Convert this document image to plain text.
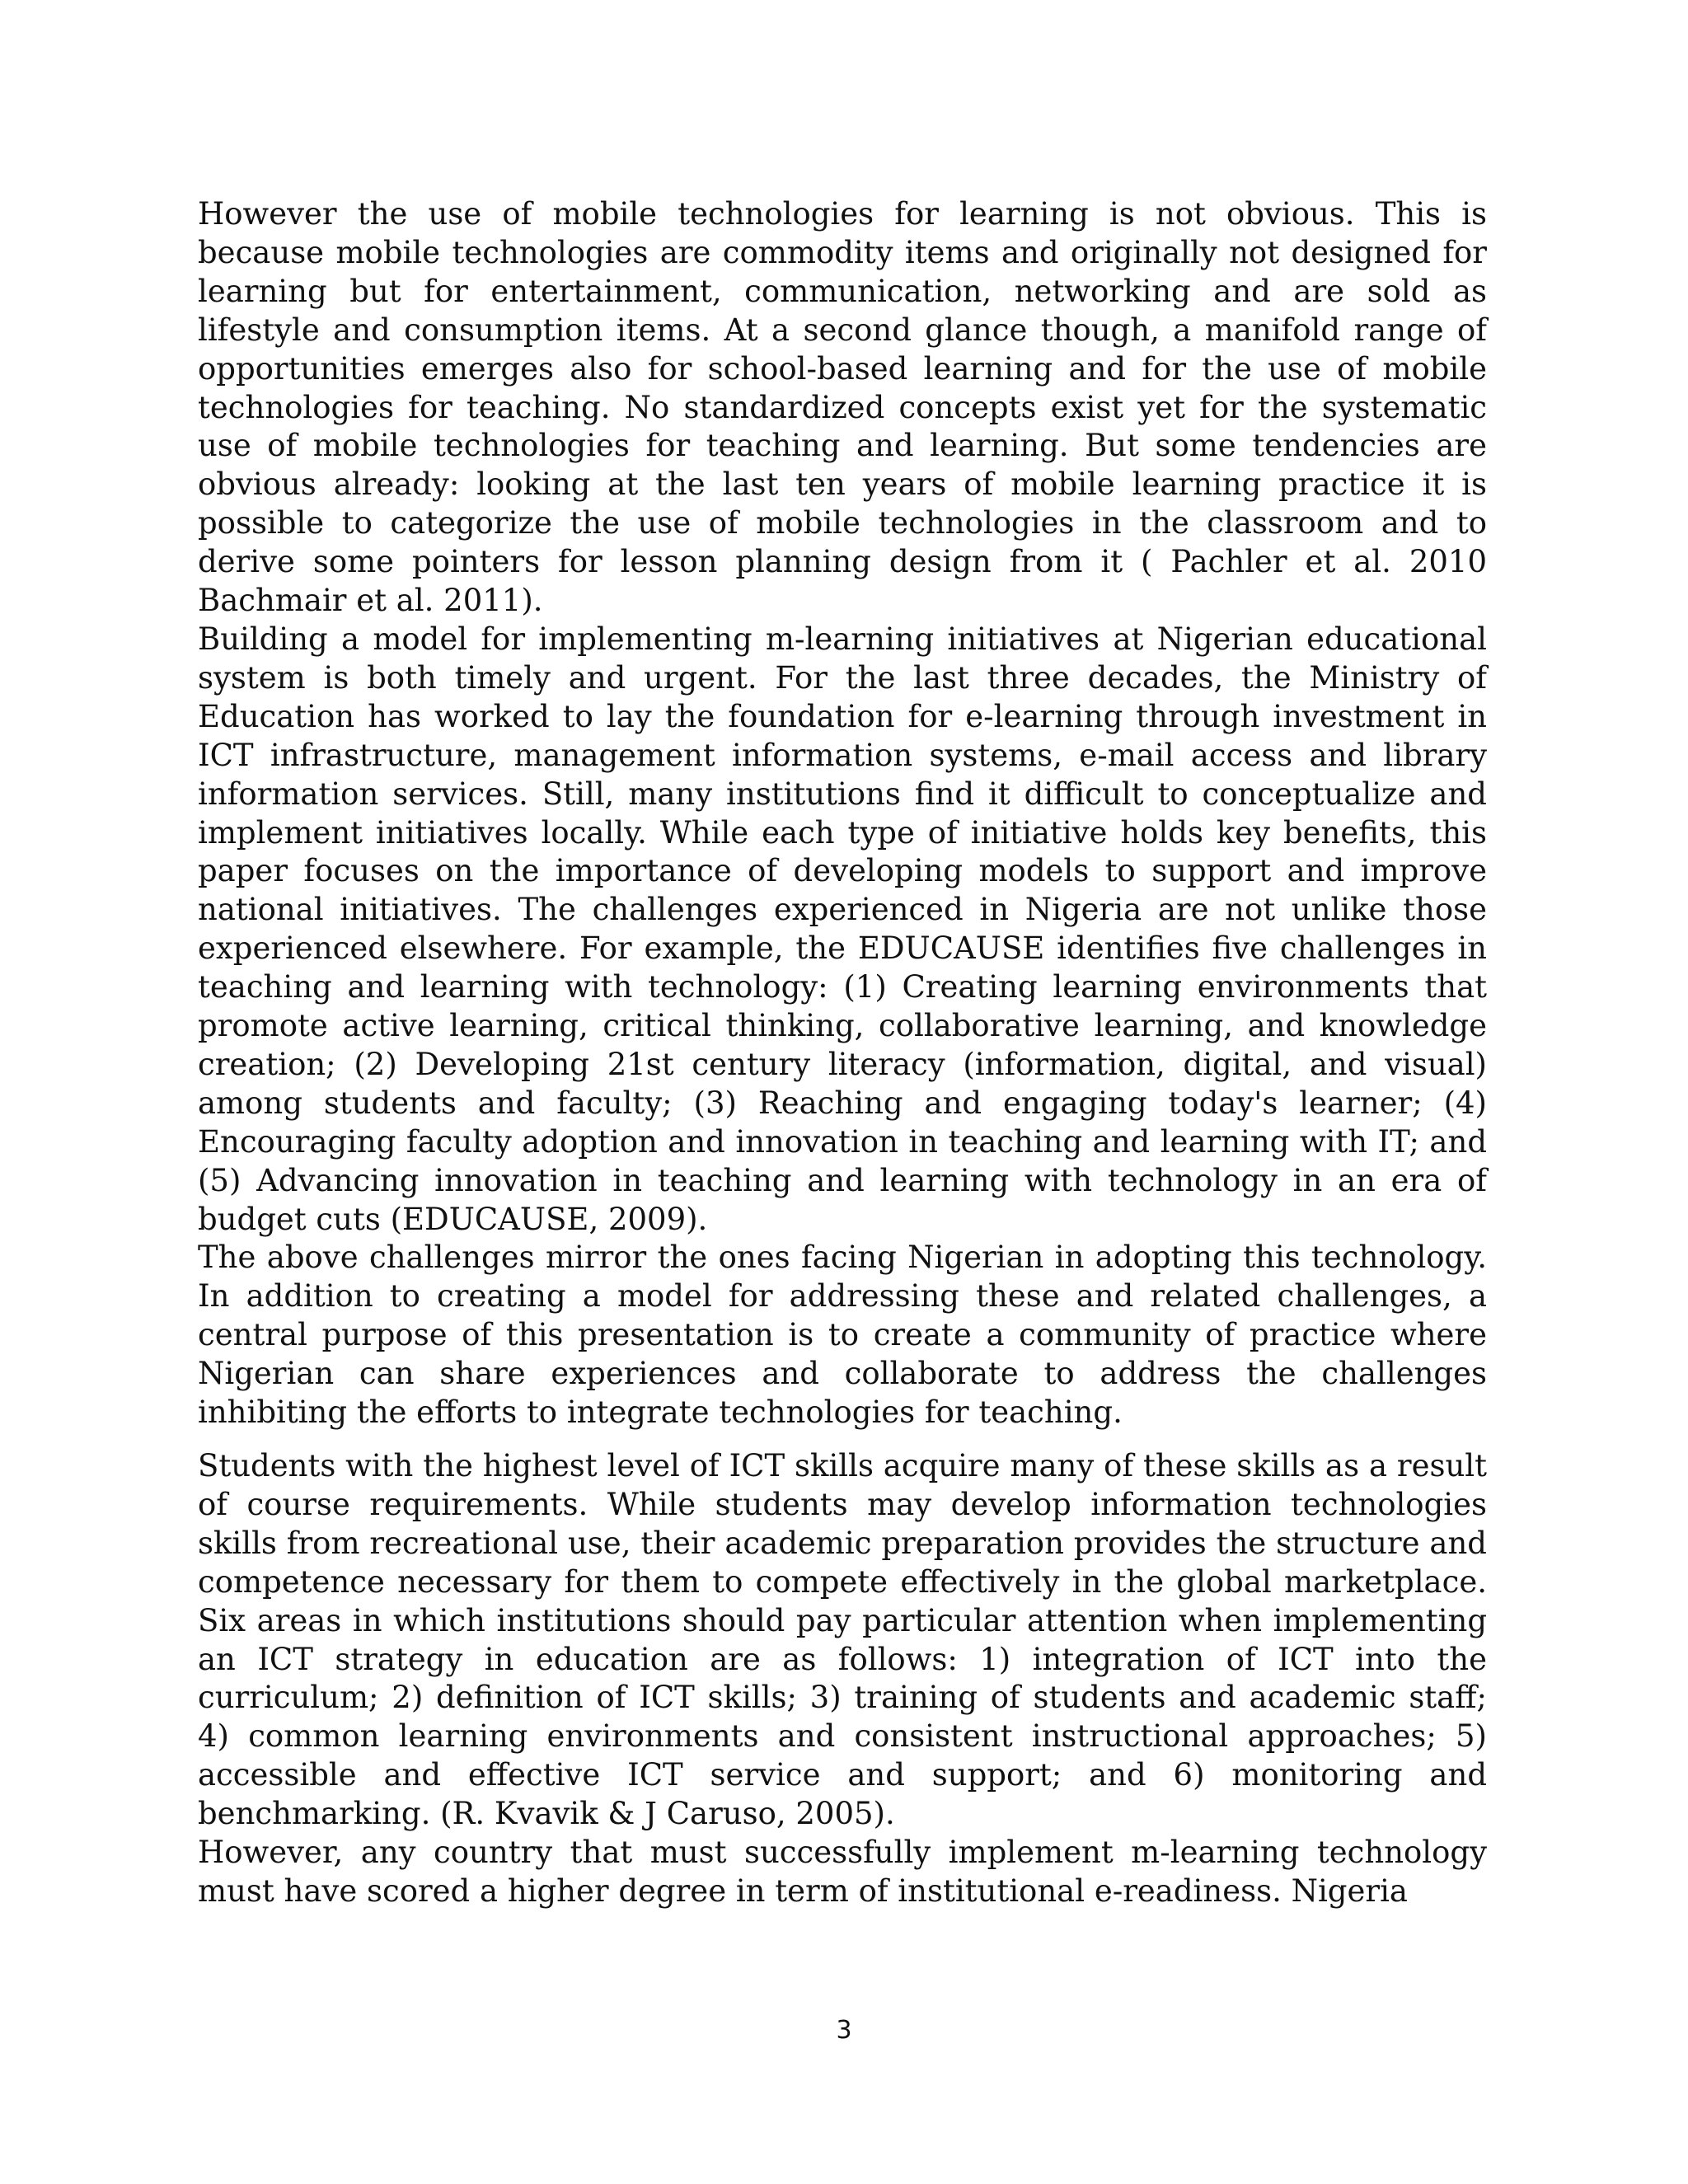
However the use of mobile technologies for learning is not obvious. This is because mobile technologies are commodity items and originally not designed for learning but for entertainment, communication, networking and are sold as lifestyle and consumption items. At a second glance though, a manifold range of opportunities emerges also for school-based learning and for the use of mobile technologies for teaching. No standardized concepts exist yet for the systematic use of mobile technologies for teaching and learning. But some tendencies are obvious already: looking at the last ten years of mobile learning practice it is possible to categorize the use of mobile technologies in the classroom and to derive some pointers for lesson planning design from it ( Pachler et al. 2010 Bachmair et al. 2011).

Building a model for implementing m-learning initiatives at Nigerian educational system is both timely and urgent. For the last three decades, the Ministry of Education has worked to lay the foundation for e-learning through investment in ICT infrastructure, management information systems, e-mail access and library information services. Still, many institutions find it difficult to conceptualize and implement initiatives locally. While each type of initiative holds key benefits, this paper focuses on the importance of developing models to support and improve national initiatives. The challenges experienced in Nigeria are not unlike those experienced elsewhere. For example, the EDUCAUSE identifies five challenges in teaching and learning with technology: (1) Creating learning environments that promote active learning, critical thinking, collaborative learning, and knowledge creation; (2) Developing 21st century literacy (information, digital, and visual) among students and faculty; (3) Reaching and engaging today's learner; (4) Encouraging faculty adoption and innovation in teaching and learning with IT; and (5) Advancing innovation in teaching and learning with technology in an era of budget cuts (EDUCAUSE, 2009).

The above challenges mirror the ones facing Nigerian in adopting this technology. In addition to creating a model for addressing these and related challenges, a central purpose of this presentation is to create a community of practice where Nigerian can share experiences and collaborate to address the challenges inhibiting the efforts to integrate technologies for teaching.

Students with the highest level of ICT skills acquire many of these skills as a result of course requirements. While students may develop information technologies skills from recreational use, their academic preparation provides the structure and competence necessary for them to compete effectively in the global marketplace. Six areas in which institutions should pay particular attention when implementing an ICT strategy in education are as follows: 1) integration of ICT into the curriculum; 2) definition of ICT skills; 3) training of students and academic staff; 4) common learning environments and consistent instructional approaches; 5) accessible and effective ICT service and support; and 6) monitoring and benchmarking. (R. Kvavik & J Caruso, 2005).

However, any country that must successfully implement m-learning technology must have scored a higher degree in term of institutional e-readiness. Nigeria

3
